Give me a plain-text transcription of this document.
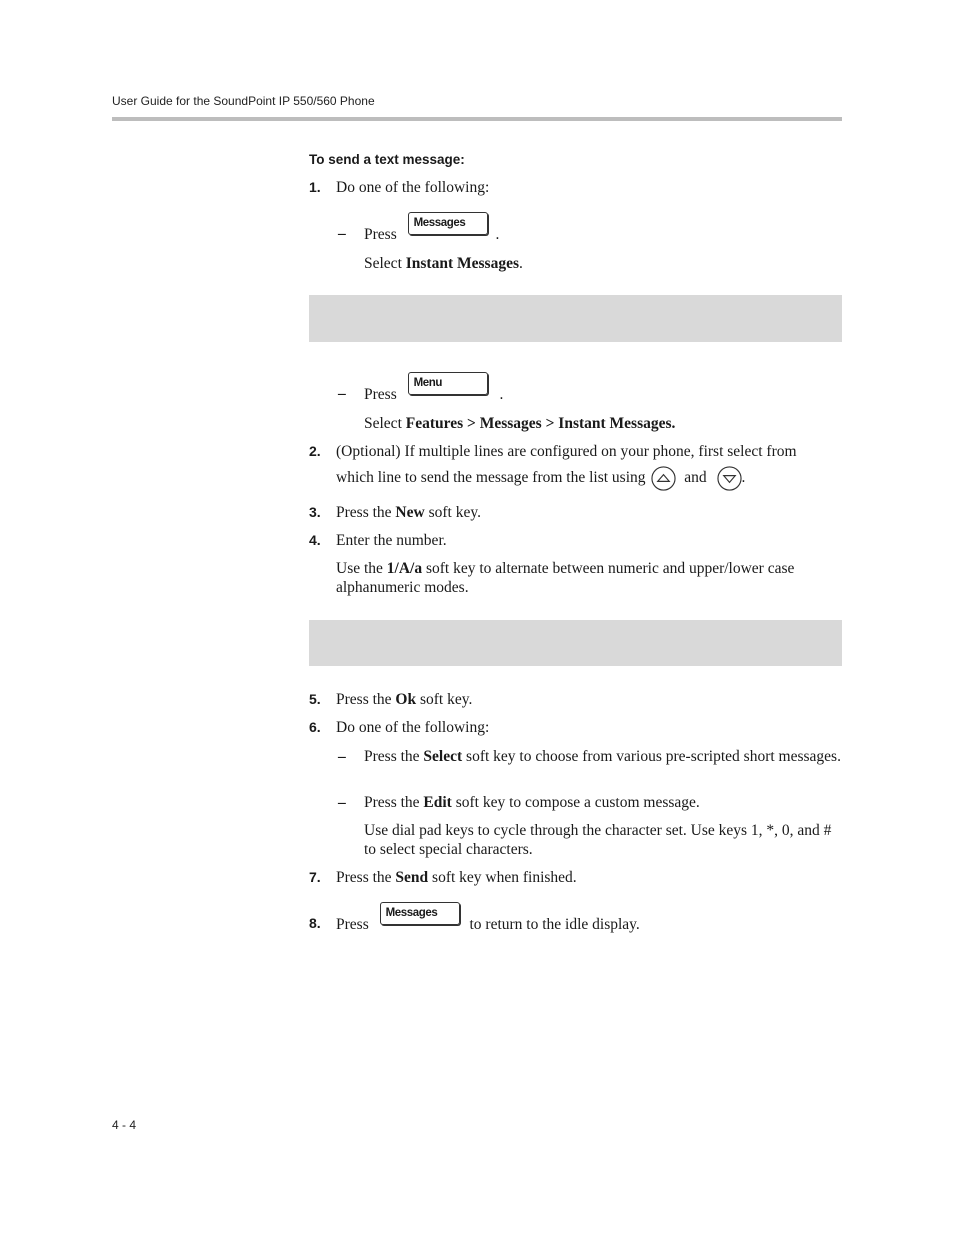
User Guide for the SoundPoint IP 550/560 Phone
To send a text message:
1. Do one of the following:
– Press Messages .
Select Instant Messages.
– Press Menu .
Select Features > Messages > Instant Messages.
2. (Optional) If multiple lines are configured on your phone, first select from
which line to send the message from the list using	and .
3. Press the New soft key.
4. Enter the number.
Use the 1/A/a soft key to alternate between numeric and upper/lower case alphanumeric modes.
5. Press the Ok soft key.
6. Do one of the following:
– Press the Select soft key to choose from various pre-scripted short messages.
– Press the Edit soft key to compose a custom message.
Use dial pad keys to cycle through the character set. Use keys 1, *, 0, and # to select special characters.
7. Press the Send soft key when finished.
8. Press Messages to return to the idle display.
4 - 4
